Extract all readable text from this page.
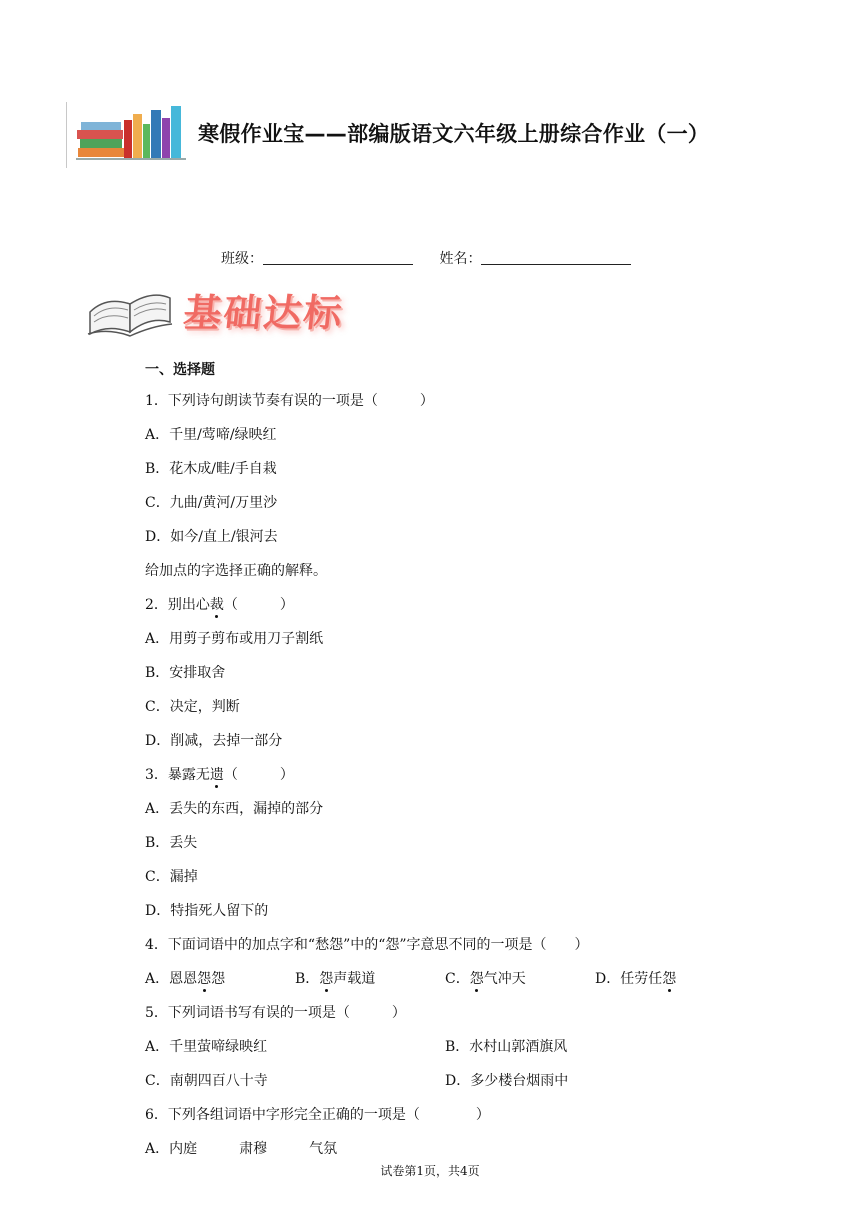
寒假作业宝——部编版语文六年级上册综合作业（一）
班级：	姓名：
基础达标
一、选择题
1．下列诗句朗读节奏有误的一项是（　　　）
A．千里/莺啼/绿映红
B．花木成/畦/手自栽
C．九曲/黄河/万里沙
D．如今/直上/银河去
给加点的字选择正确的解释。
2．别出心裁（　　　）
A．用剪子剪布或用刀子割纸
B．安排取舍
C．决定，判断
D．削减，去掉一部分
3．暴露无遗（　　　）
A．丢失的东西，漏掉的部分
B．丢失
C．漏掉
D．特指死人留下的
4．下面词语中的加点字和“愁怨”中的“怨”字意思不同的一项是（　　）
A．恩恩怨怨	B．怨声载道	C．怨气冲天	D．任劳任怨
5．下列词语书写有误的一项是（　　　）
A．千里萤啼绿映红	B．水村山郭酒旗风
C．南朝四百八十寺	D．多少楼台烟雨中
6．下列各组词语中字形完全正确的一项是（　　　　）
A．内庭　　　肃穆　　　气氛
试卷第1页，共4页
